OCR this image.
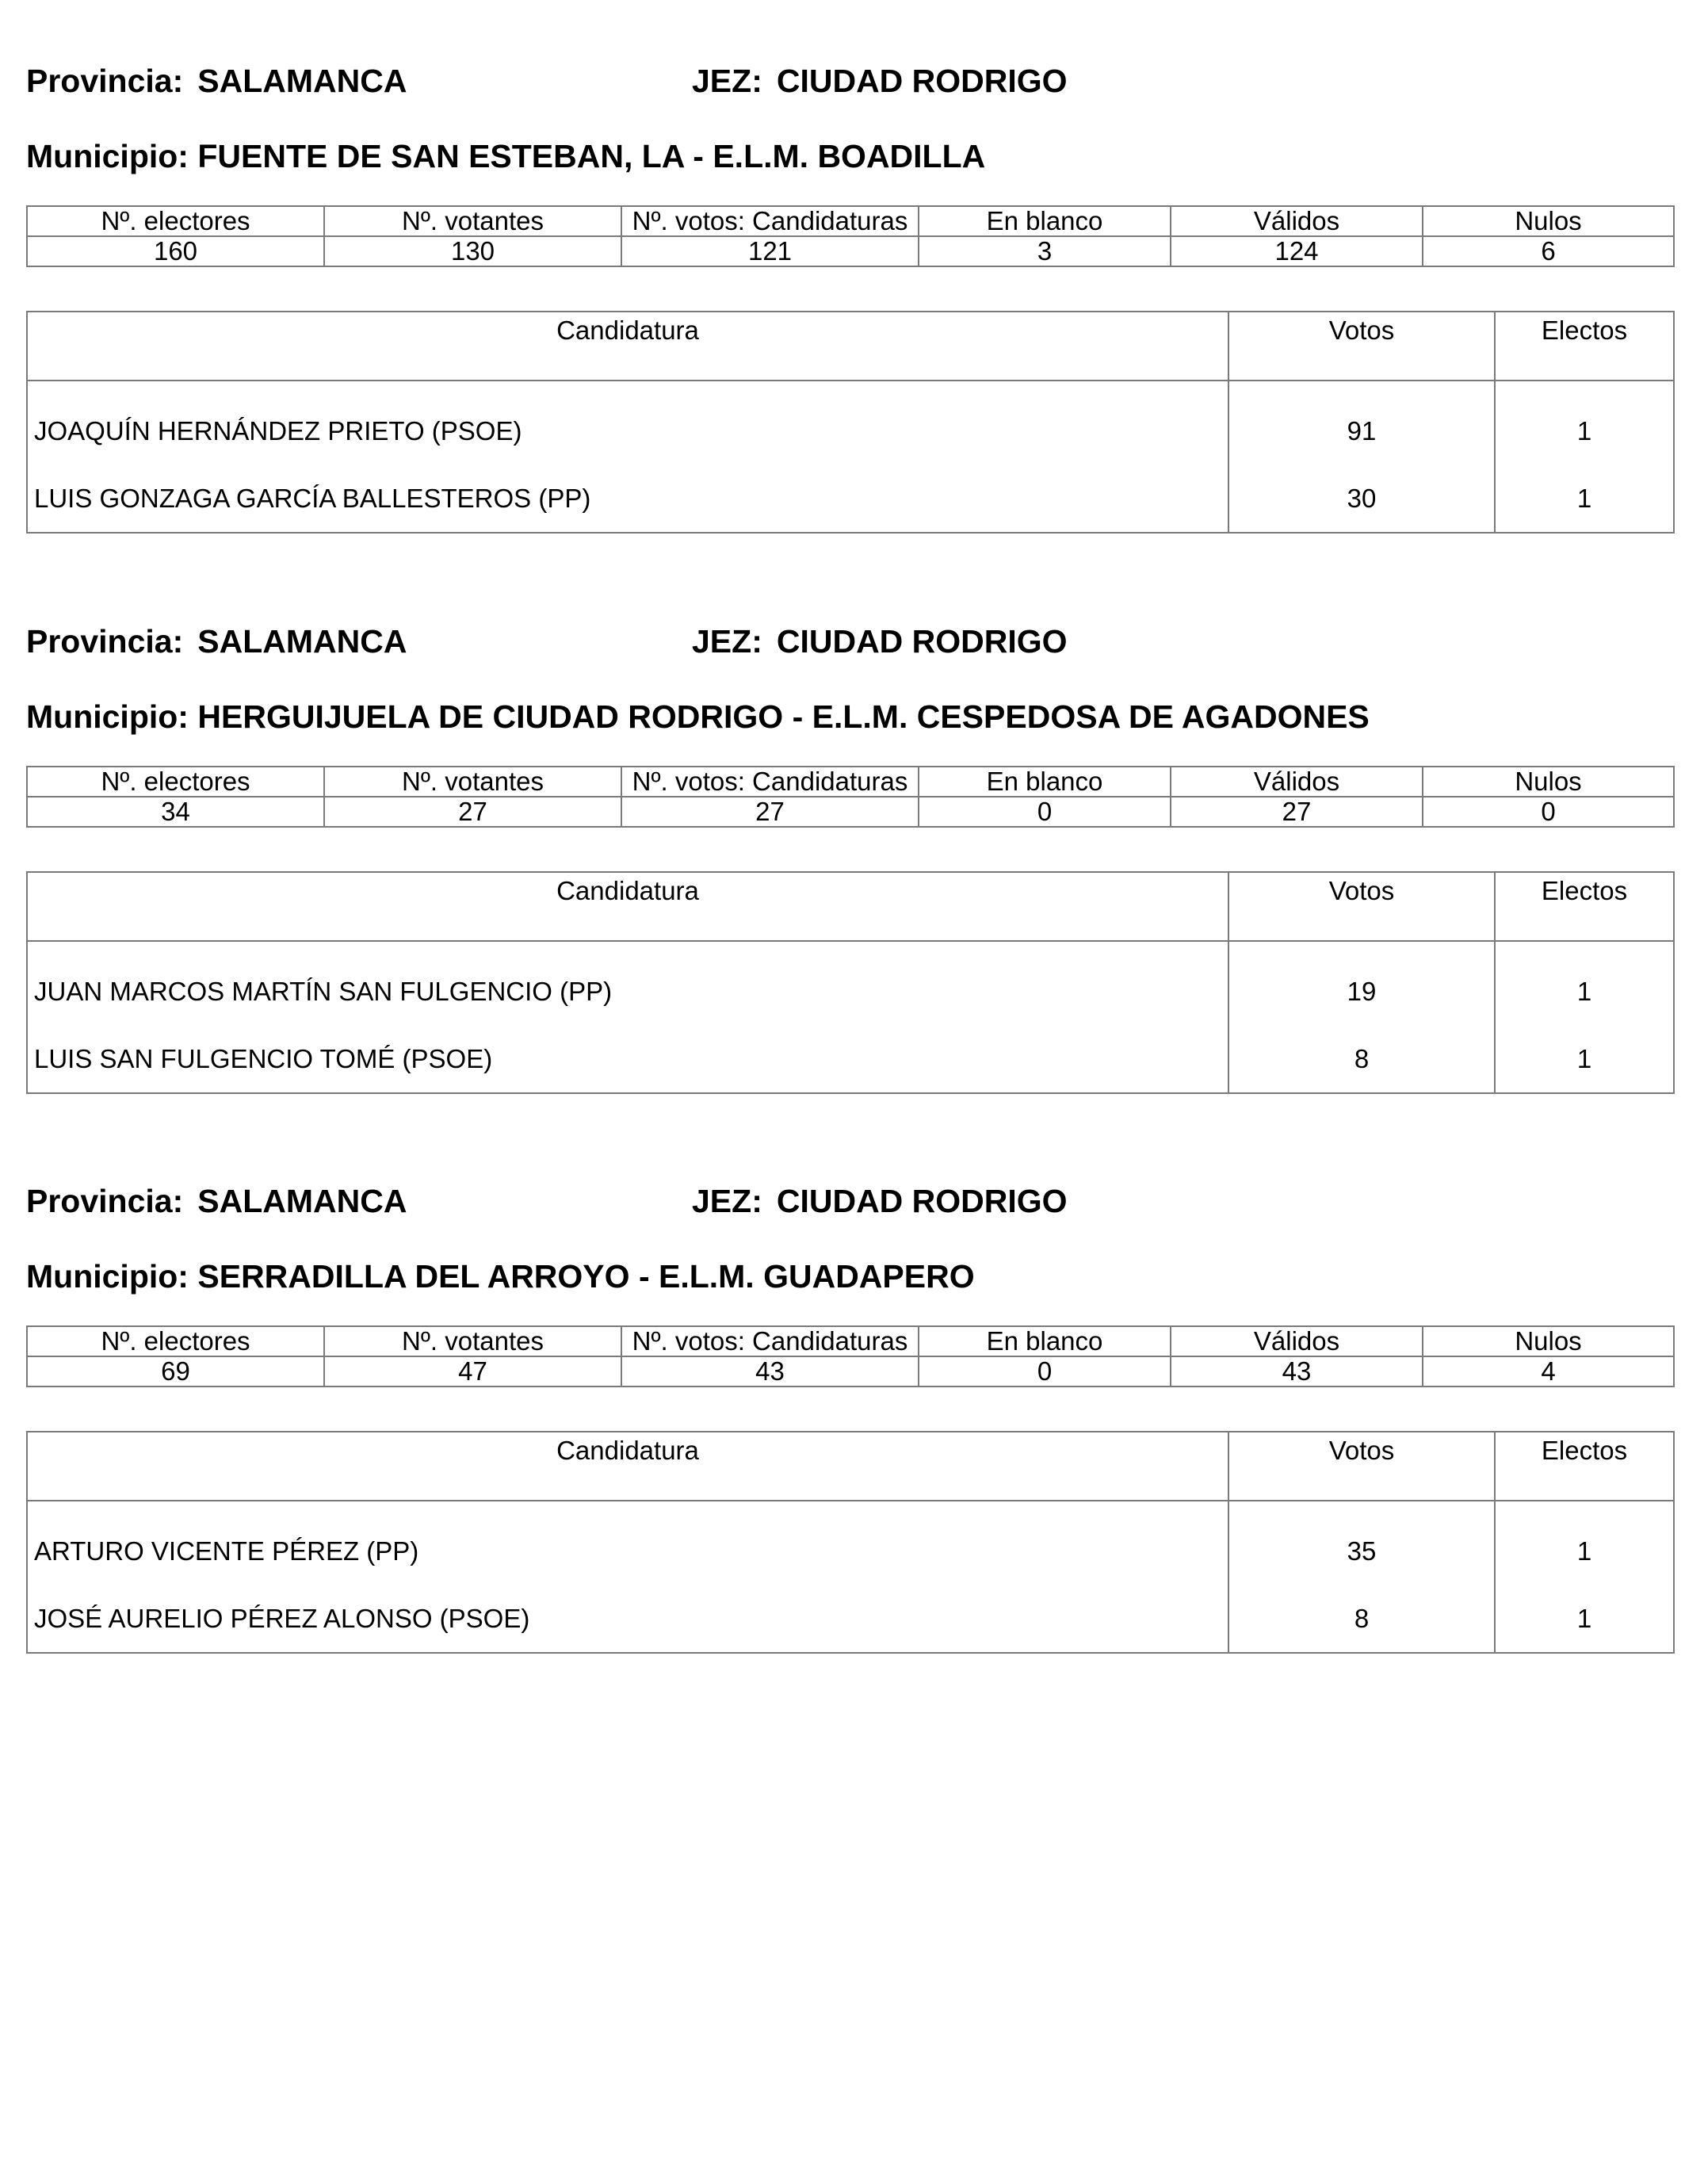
Provincia: SALAMANCA	JEZ: CIUDAD RODRIGO
Municipio: FUENTE DE SAN ESTEBAN, LA - E.L.M. BOADILLA
Nº. electores	Nº. votantes	Nº. votos: Candidaturas	En blanco	Válidos	Nulos
160	130	121	3	124	6
Candidatura	Votos	Electos
JOAQUÍN HERNÁNDEZ PRIETO (PSOE)	91	1
LUIS GONZAGA GARCÍA BALLESTEROS (PP)	30	1
Provincia: SALAMANCA	JEZ: CIUDAD RODRIGO
Municipio: HERGUIJUELA DE CIUDAD RODRIGO - E.L.M. CESPEDOSA DE AGADONES
Nº. electores	Nº. votantes	Nº. votos: Candidaturas	En blanco	Válidos	Nulos
34	27	27	0	27	0
Candidatura	Votos	Electos
JUAN MARCOS MARTÍN SAN FULGENCIO (PP)	19	1
LUIS SAN FULGENCIO TOMÉ (PSOE)	8	1
Provincia: SALAMANCA	JEZ: CIUDAD RODRIGO
Municipio: SERRADILLA DEL ARROYO - E.L.M. GUADAPERO
Nº. electores	Nº. votantes	Nº. votos: Candidaturas	En blanco	Válidos	Nulos
69	47	43	0	43	4
Candidatura	Votos	Electos
ARTURO VICENTE PÉREZ (PP)	35	1
JOSÉ AURELIO PÉREZ ALONSO (PSOE)	8	1
